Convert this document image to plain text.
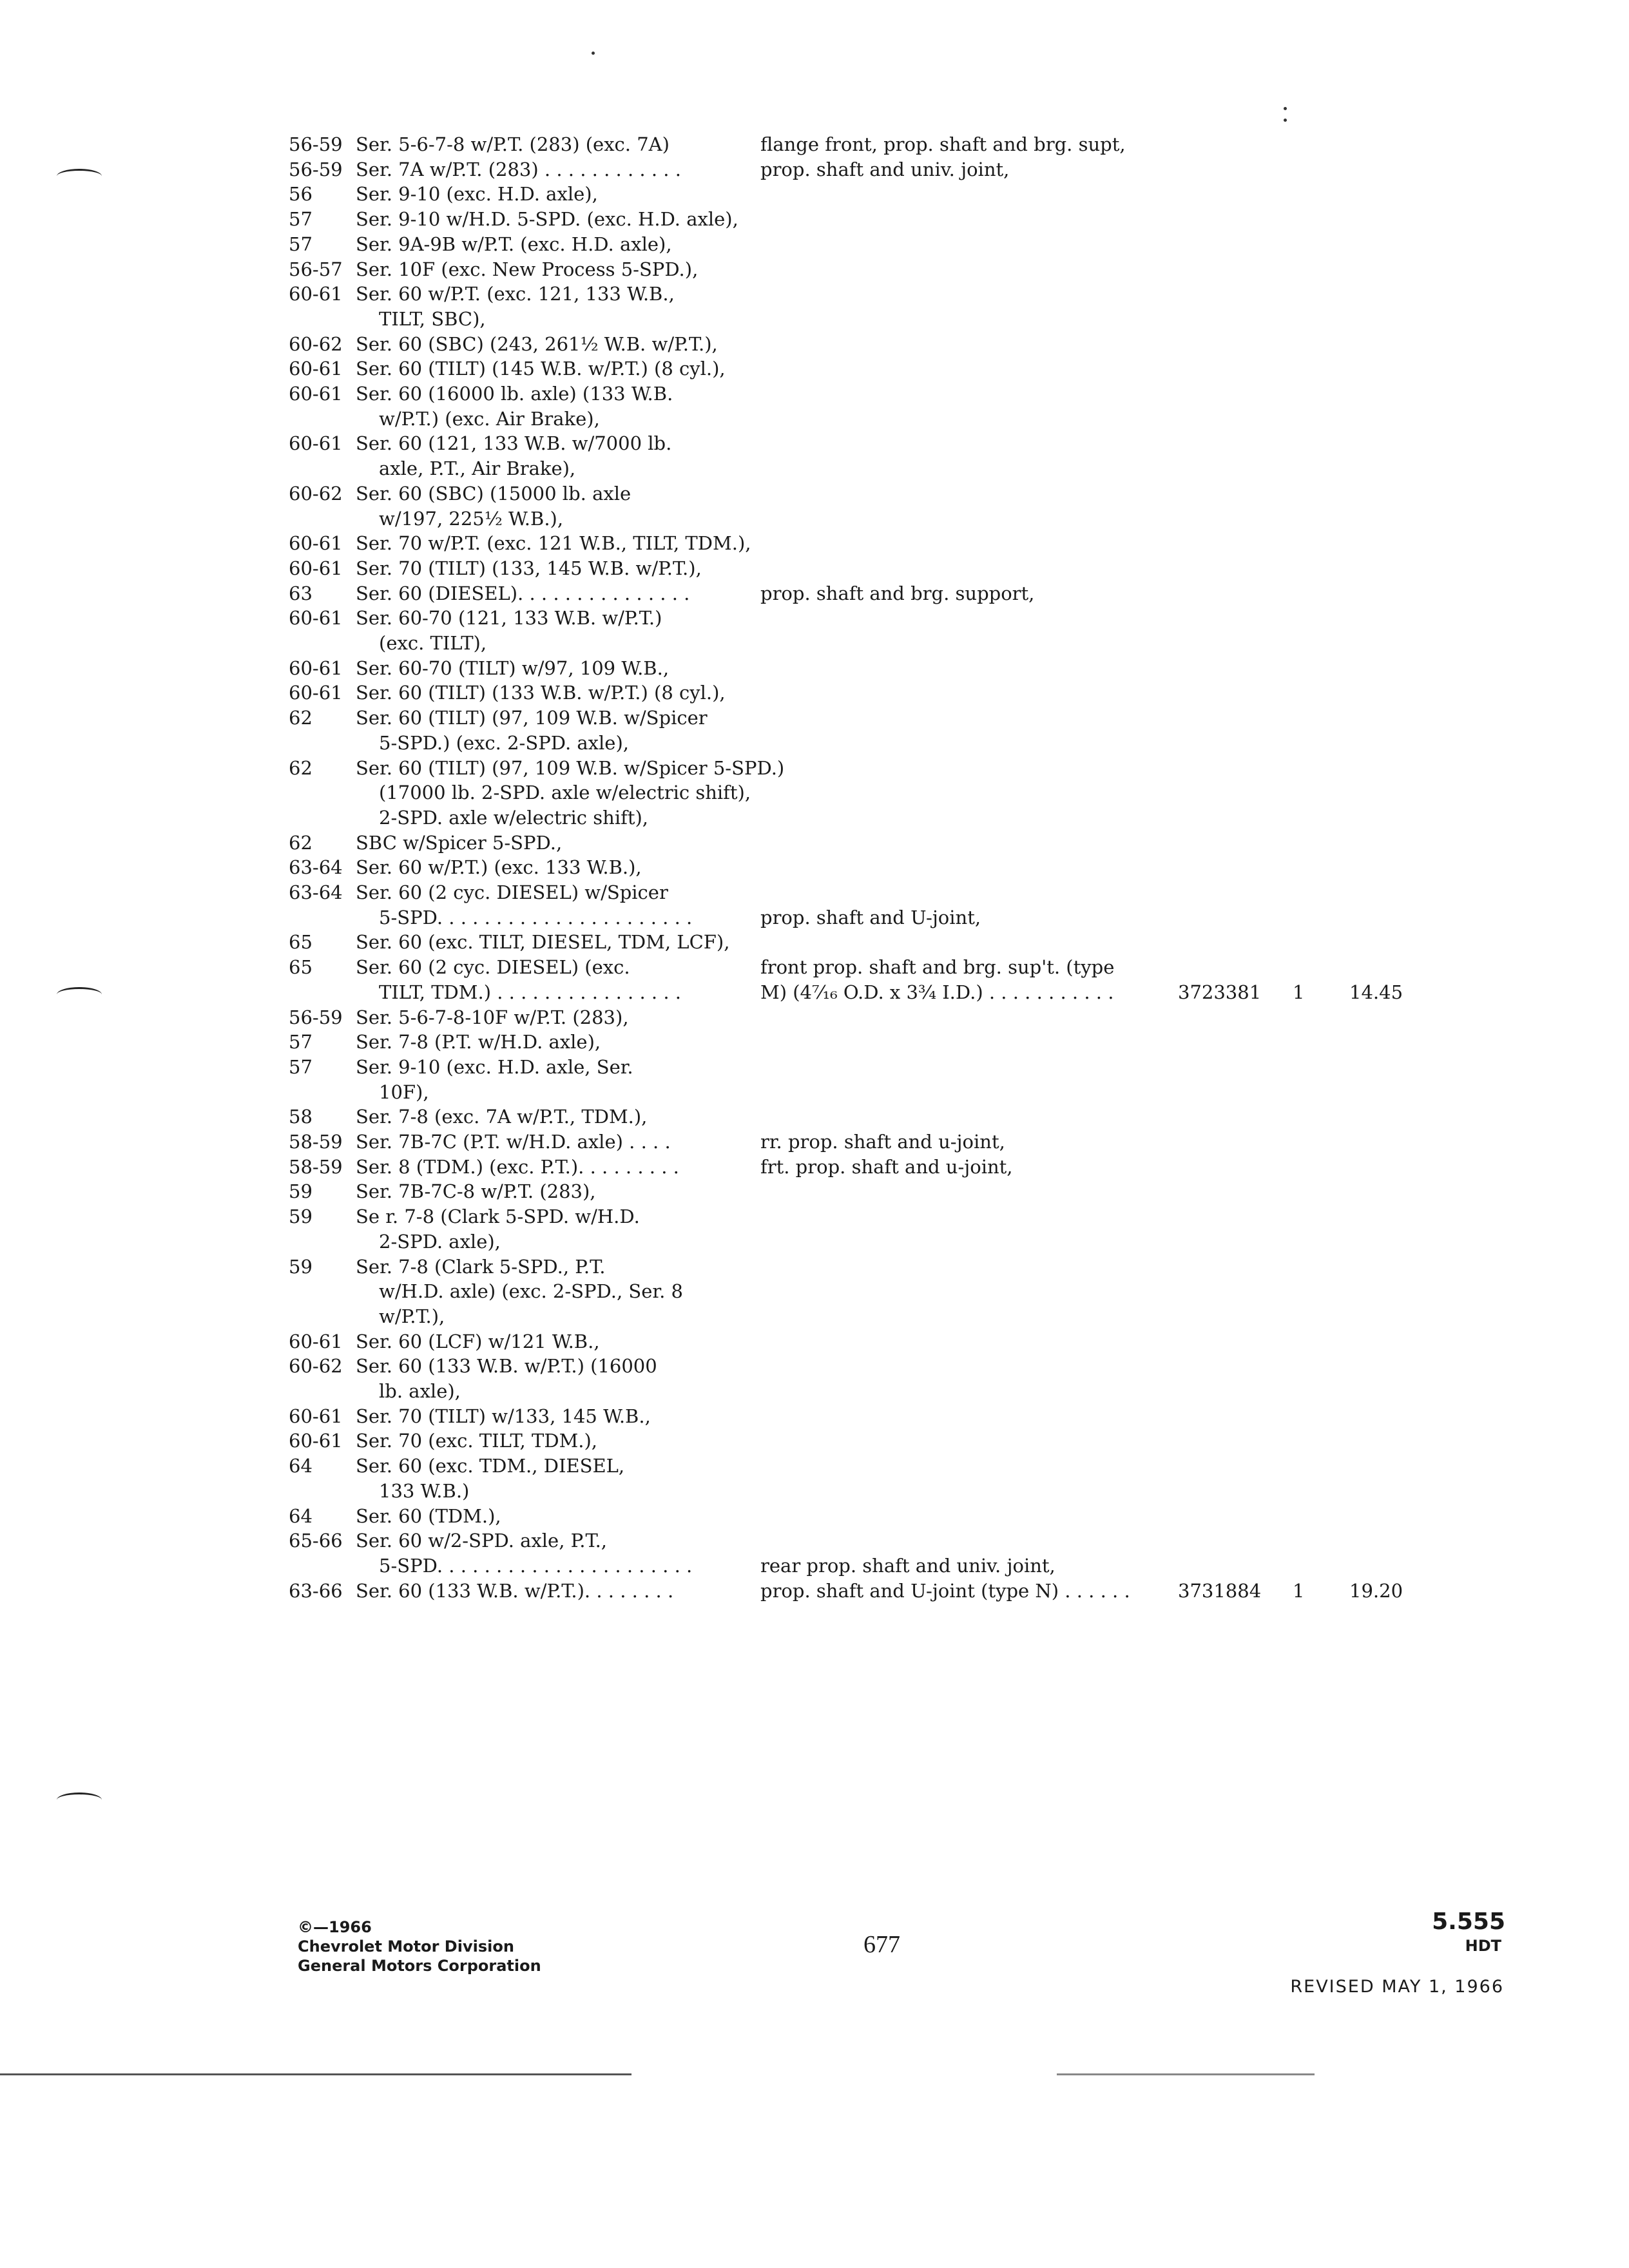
56-59 Ser. 5-6-7-8 w/P.T. (283) (exc. 7A)	flange front, prop. shaft and brg. supt,
56-59 Ser. 7A w/P.T. (283) . . . . . . . . . . . .	prop. shaft and univ. joint,
56 Ser. 9-10 (exc. H.D. axle),
57 Ser. 9-10 w/H.D. 5-SPD. (exc. H.D. axle),
57 Ser. 9A-9B w/P.T. (exc. H.D. axle),
56-57 Ser. 10F (exc. New Process 5-SPD.),
60-61 Ser. 60 w/P.T. (exc. 121, 133 W.B.,
TILT, SBC),
60-62 Ser. 60 (SBC) (243, 261½ W.B. w/P.T.),
60-61 Ser. 60 (TILT) (145 W.B. w/P.T.) (8 cyl.),
60-61 Ser. 60 (16000 lb. axle) (133 W.B.
w/P.T.) (exc. Air Brake),
60-61 Ser. 60 (121, 133 W.B. w/7000 lb.
axle, P.T., Air Brake),
60-62 Ser. 60 (SBC) (15000 lb. axle
w/197, 225½ W.B.),
60-61 Ser. 70 w/P.T. (exc. 121 W.B., TILT, TDM.),
60-61 Ser. 70 (TILT) (133, 145 W.B. w/P.T.),
63 Ser. 60 (DIESEL). . . . . . . . . . . . . . .	prop. shaft and brg. support,
60-61 Ser. 60-70 (121, 133 W.B. w/P.T.)
(exc. TILT),
60-61 Ser. 60-70 (TILT) w/97, 109 W.B.,
60-61 Ser. 60 (TILT) (133 W.B. w/P.T.) (8 cyl.),
62 Ser. 60 (TILT) (97, 109 W.B. w/Spicer
5-SPD.) (exc. 2-SPD. axle),
62 Ser. 60 (TILT) (97, 109 W.B. w/Spicer 5-SPD.)
(17000 lb. 2-SPD. axle w/electric shift),
2-SPD. axle w/electric shift),
62 SBC w/Spicer 5-SPD.,
63-64 Ser. 60 w/P.T.) (exc. 133 W.B.),
63-64 Ser. 60 (2 cyc. DIESEL) w/Spicer
5-SPD. . . . . . . . . . . . . . . . . . . . . .	prop. shaft and U-joint,
65 Ser. 60 (exc. TILT, DIESEL, TDM, LCF),
65 Ser. 60 (2 cyc. DIESEL) (exc.	front prop. shaft and brg. sup't. (type
TILT, TDM.) . . . . . . . . . . . . . . . .	M) (4⁷⁄₁₆ O.D. x 3¾ I.D.) . . . . . . . . . . .	3723381 1 14.45
56-59 Ser. 5-6-7-8-10F w/P.T. (283),
57 Ser. 7-8 (P.T. w/H.D. axle),
57 Ser. 9-10 (exc. H.D. axle, Ser.
10F),
58 Ser. 7-8 (exc. 7A w/P.T., TDM.),
58-59 Ser. 7B-7C (P.T. w/H.D. axle) . . . .	rr. prop. shaft and u-joint,
58-59 Ser. 8 (TDM.) (exc. P.T.). . . . . . . . .	frt. prop. shaft and u-joint,
59 Ser. 7B-7C-8 w/P.T. (283),
59 Se r. 7-8 (Clark 5-SPD. w/H.D.
2-SPD. axle),
59 Ser. 7-8 (Clark 5-SPD., P.T.
w/H.D. axle) (exc. 2-SPD., Ser. 8
w/P.T.),
60-61 Ser. 60 (LCF) w/121 W.B.,
60-62 Ser. 60 (133 W.B. w/P.T.) (16000
lb. axle),
60-61 Ser. 70 (TILT) w/133, 145 W.B.,
60-61 Ser. 70 (exc. TILT, TDM.),
64 Ser. 60 (exc. TDM., DIESEL,
133 W.B.)
64 Ser. 60 (TDM.),
65-66 Ser. 60 w/2-SPD. axle, P.T.,
5-SPD. . . . . . . . . . . . . . . . . . . . . .	rear prop. shaft and univ. joint,
63-66 Ser. 60 (133 W.B. w/P.T.). . . . . . . .	prop. shaft and U-joint (type N) . . . . . .	3731884 1 19.20
©—1966
Chevrolet Motor Division
General Motors Corporation
677
5.555
HDT
REVISED MAY 1, 1966
